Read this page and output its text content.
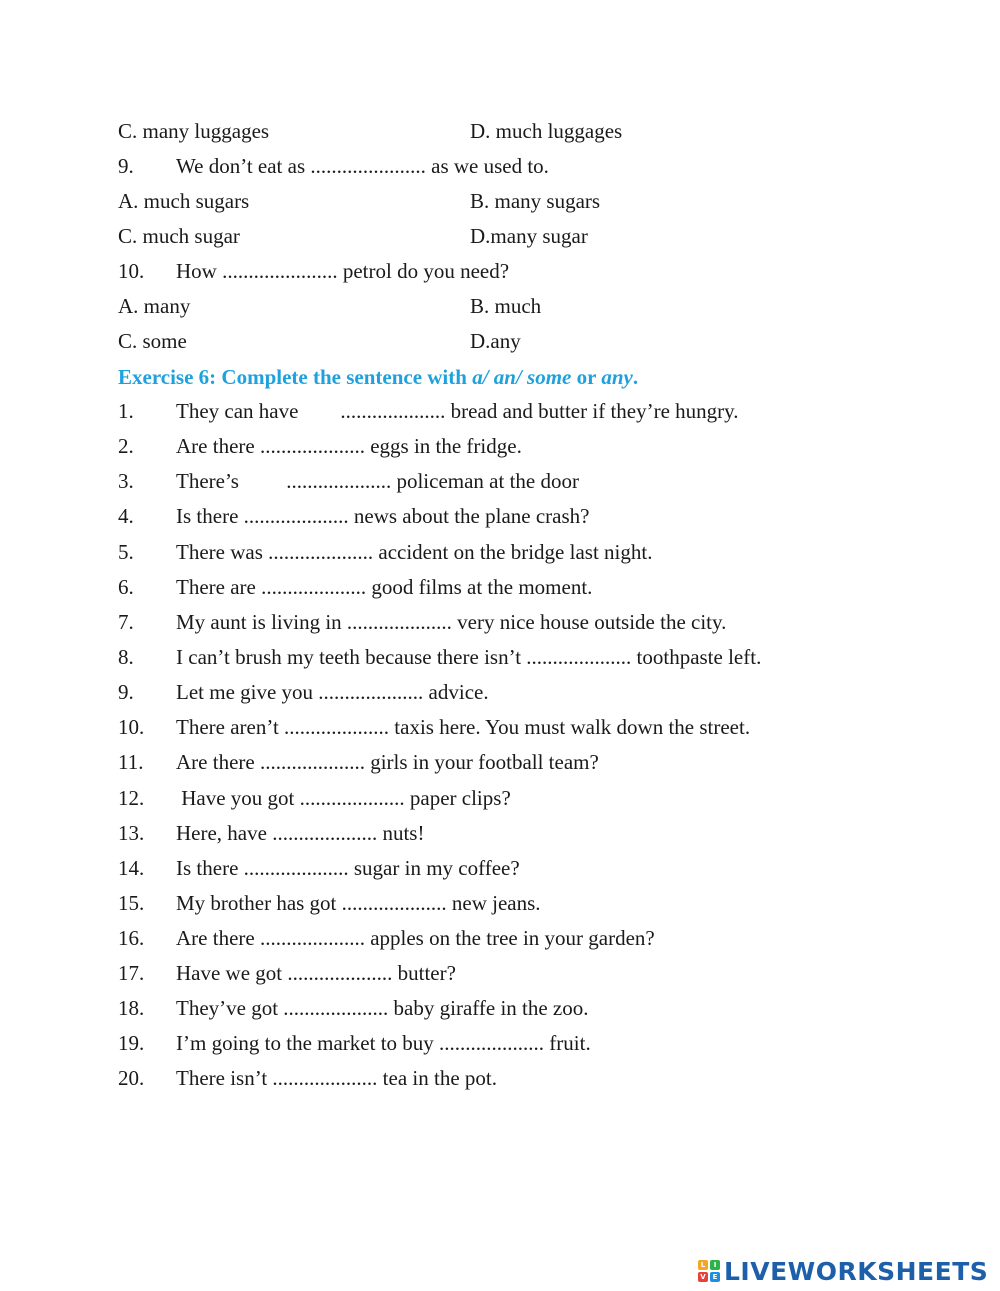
C. many luggages	D. much luggages
9. We don’t eat as ...................... as we used to.
A. much sugars	B. many sugars
C. much sugar	D.many sugar
10. How ...................... petrol do you need?
A. many	B. much
C. some	D.any
Exercise 6: Complete the sentence with a/ an/ some or any.
1. They can have        .................... bread and butter if they’re hungry.
2. Are there .................... eggs in the fridge.
3. There’s         .................... policeman at the door
4. Is there .................... news about the plane crash?
5. There was .................... accident on the bridge last night.
6. There are .................... good films at the moment.
7. My aunt is living in .................... very nice house outside the city.
8. I can’t brush my teeth because there isn’t .................... toothpaste left.
9. Let me give you .................... advice.
10. There aren’t .................... taxis here. You must walk down the street.
11. Are there .................... girls in your football team?
12. Have you got .................... paper clips?
13. Here, have .................... nuts!
14. Is there .................... sugar in my coffee?
15. My brother has got .................... new jeans.
16. Are there .................... apples on the tree in your garden?
17. Have we got .................... butter?
18. They’ve got .................... baby giraffe in the zoo.
19. I’m going to the market to buy .................... fruit.
20. There isn’t .................... tea in the pot.
L	I
V E LIVEWORKSHEETS
